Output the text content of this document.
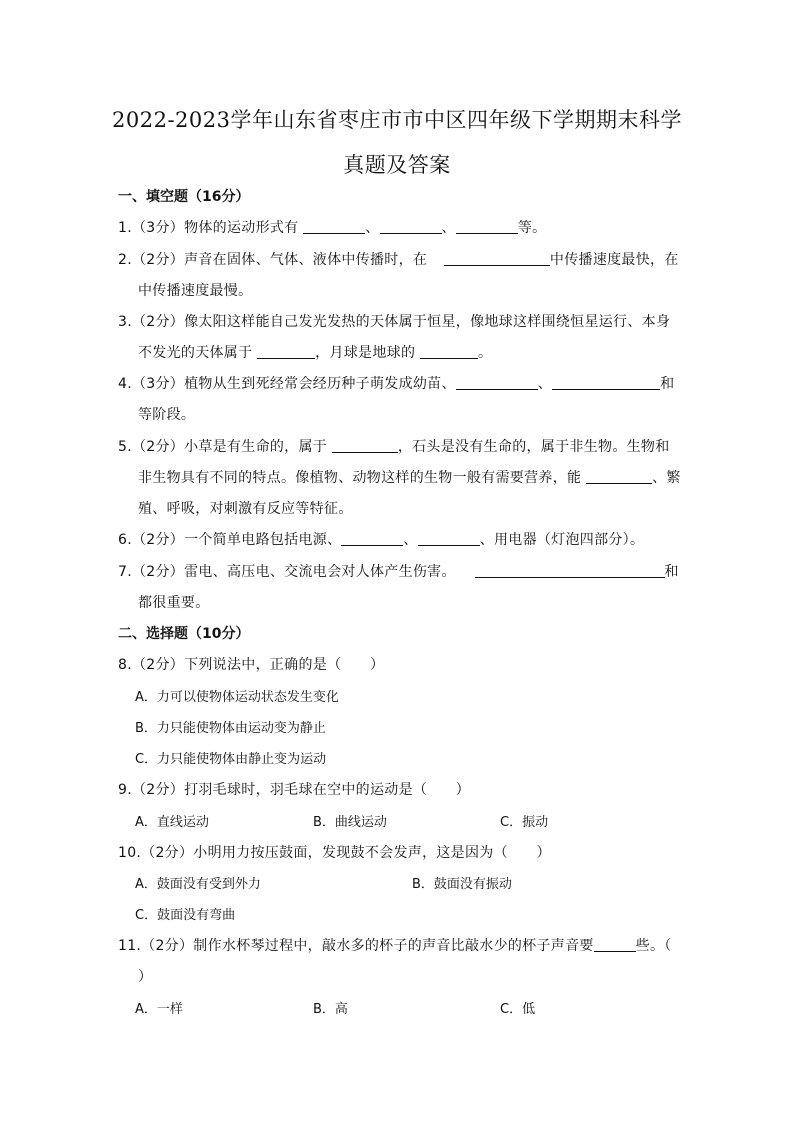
2022-2023学年山东省枣庄市市中区四年级下学期期末科学
真题及答案
一、填空题（16分）
1.（3分）物体的运动形式有	、	、	等。
2.（2分）声音在固体、气体、液体中传播时，在	中传播速度最快，在
中传播速度最慢。
3.（2分）像太阳这样能自己发光发热的天体属于恒星，像地球这样围绕恒星运行、本身
不发光的天体属于	，月球是地球的	。
4.（3分）植物从生到死经常会经历种子萌发成幼苗、	、	和
等阶段。
5.（2分）小草是有生命的，属于	，石头是没有生命的，属于非生物。生物和
非生物具有不同的特点。像植物、动物这样的生物一般有需要营养，能	、繁
殖、呼吸，对刺激有反应等特征。
6.（2分）一个简单电路包括电源、	、	、用电器（灯泡四部分）。
7.（2分）雷电、高压电、交流电会对人体产生伤害。	和
都很重要。
二、选择题（10分）
8.（2分）下列说法中，正确的是（　　）
A．力可以使物体运动状态发生变化
B．力只能使物体由运动变为静止
C．力只能使物体由静止变为运动
9.（2分）打羽毛球时，羽毛球在空中的运动是（　　）
A．直线运动	B．曲线运动	C．振动
10.（2分）小明用力按压鼓面，发现鼓不会发声，这是因为（　　）
A．鼓面没有受到外力	B．鼓面没有振动
C．鼓面没有弯曲
11.（2分）制作水杯琴过程中，敲水多的杯子的声音比敲水少的杯子声音要	些。（
）
A．一样	B．高	C．低
